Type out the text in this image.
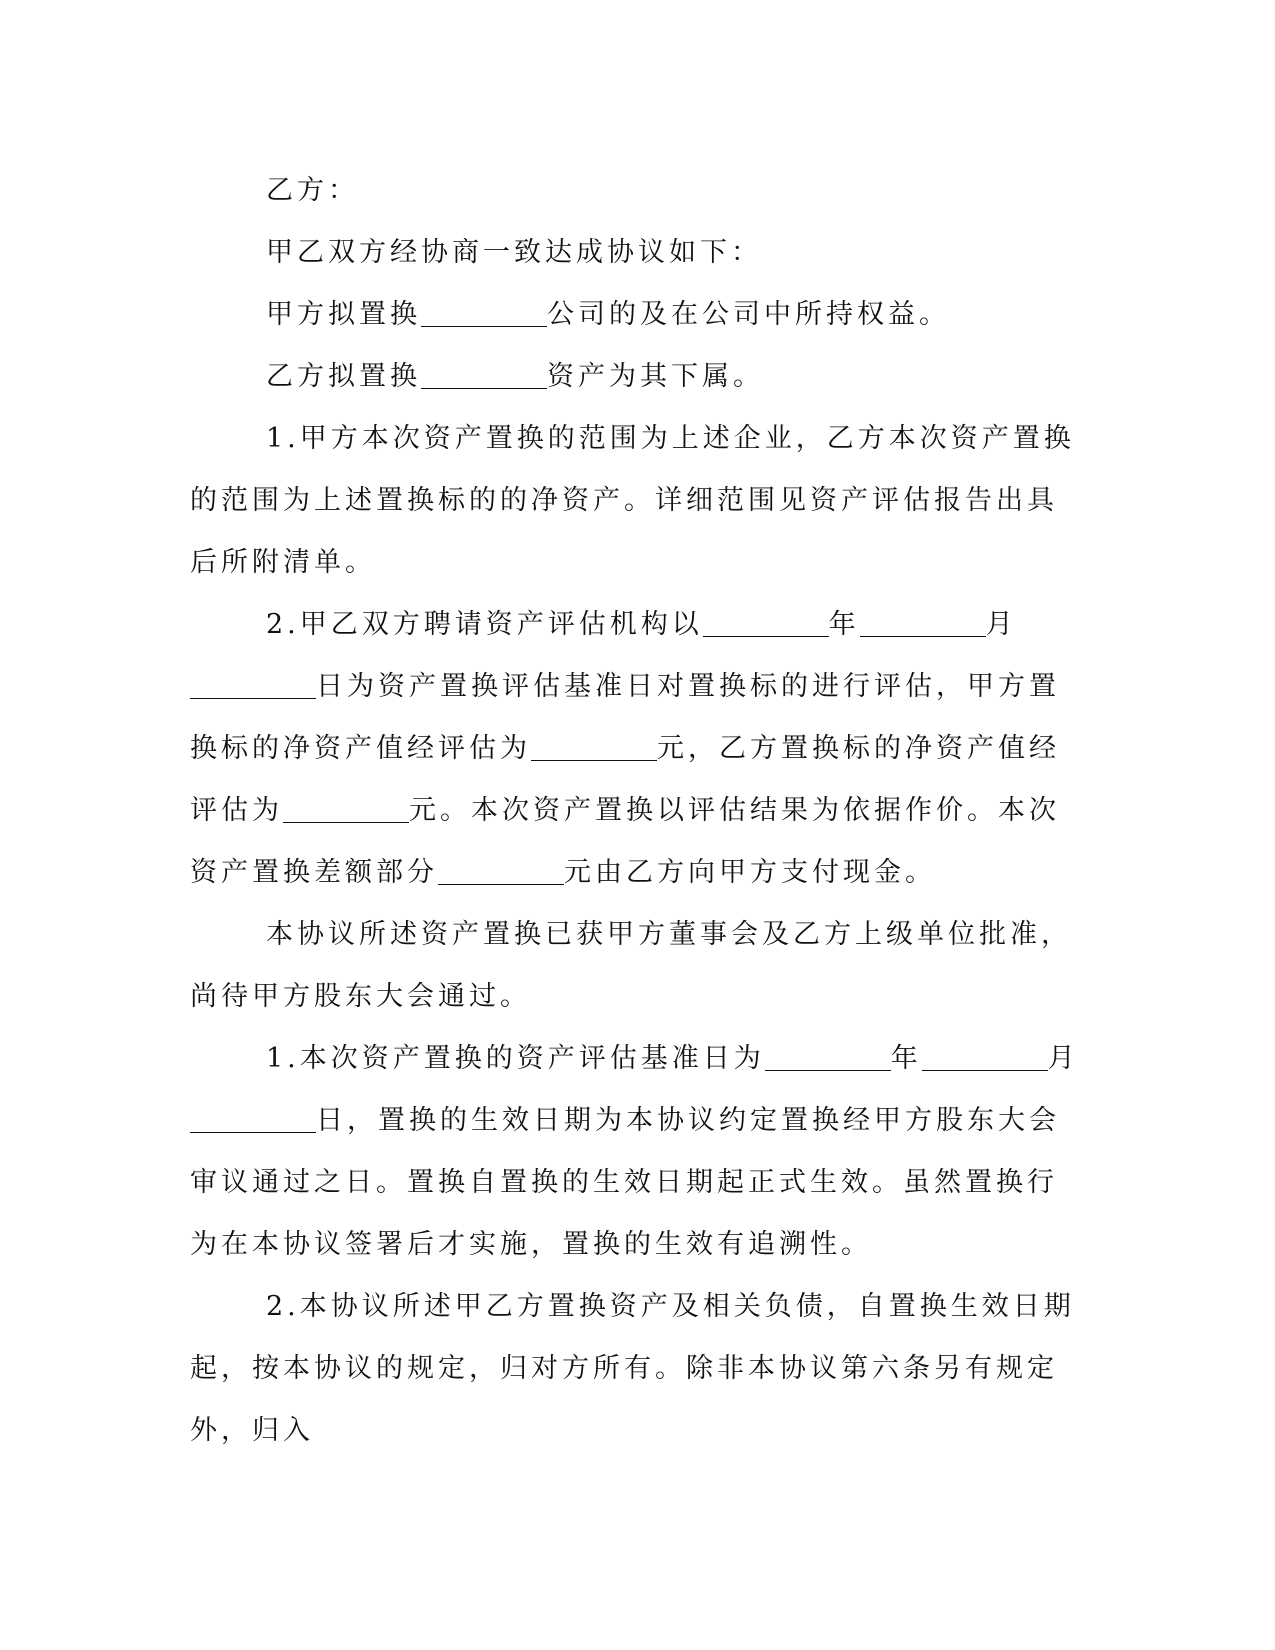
乙方：

甲乙双方经协商一致达成协议如下：

甲方拟置换	公司的及在公司中所持权益。

乙方拟置换	资产为其下属。

1.甲方本次资产置换的范围为上述企业，乙方本次资产置换的范围为上述置换标的的净资产。详细范围见资产评估报告出具后所附清单。

2.甲乙双方聘请资产评估机构以	年	月日为资产置换评估基准日对置换标的进行评估，甲方置换标的净资产值经评估为	元，乙方置换标的净资产值经评估为	元。本次资产置换以评估结果为依据作价。本次资产置换差额部分	元由乙方向甲方支付现金。

本协议所述资产置换已获甲方董事会及乙方上级单位批准，尚待甲方股东大会通过。

1.本次资产置换的资产评估基准日为	年	月日，置换的生效日期为本协议约定置换经甲方股东大会审议通过之日。置换自置换的生效日期起正式生效。虽然置换行为在本协议签署后才实施，置换的生效有追溯性。

2.本协议所述甲乙方置换资产及相关负债，自置换生效日期起，按本协议的规定，归对方所有。除非本协议第六条另有规定外，归入
